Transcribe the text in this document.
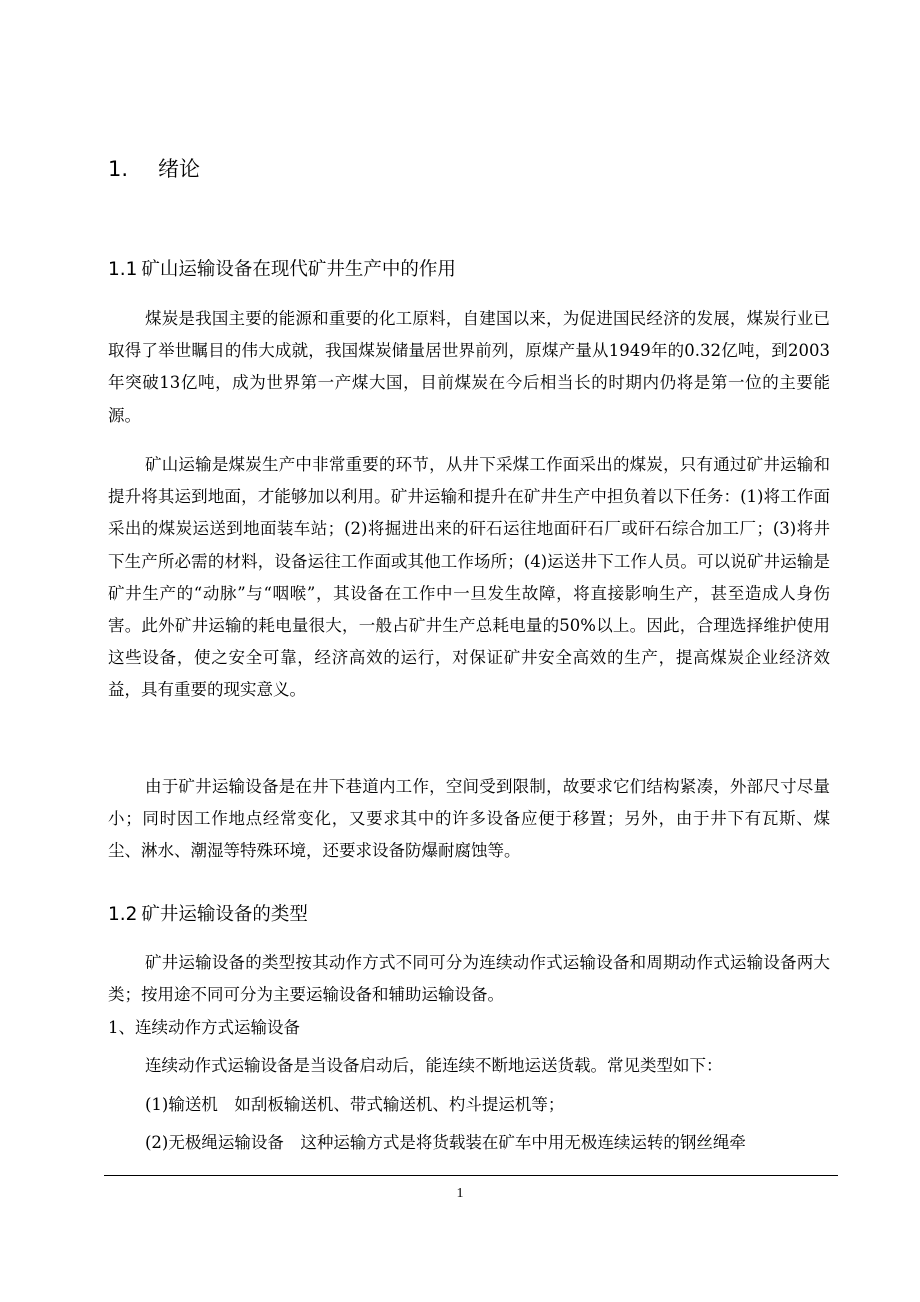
1. 绪论
1.1 矿山运输设备在现代矿井生产中的作用

煤炭是我国主要的能源和重要的化工原料，自建国以来，为促进国民经济的发展，煤炭行业已取得了举世瞩目的伟大成就，我国煤炭储量居世界前列，原煤产量从1949年的0.32亿吨，到2003年突破13亿吨，成为世界第一产煤大国，目前煤炭在今后相当长的时期内仍将是第一位的主要能源。

矿山运输是煤炭生产中非常重要的环节，从井下采煤工作面采出的煤炭，只有通过矿井运输和提升将其运到地面，才能够加以利用。矿井运输和提升在矿井生产中担负着以下任务：(1)将工作面采出的煤炭运送到地面装车站；(2)将掘进出来的矸石运往地面矸石厂或矸石综合加工厂；(3)将井下生产所必需的材料，设备运往工作面或其他工作场所；(4)运送井下工作人员。可以说矿井运输是矿井生产的“动脉”与“咽喉”，其设备在工作中一旦发生故障，将直接影响生产，甚至造成人身伤害。此外矿井运输的耗电量很大，一般占矿井生产总耗电量的50%以上。因此，合理选择维护使用这些设备，使之安全可靠，经济高效的运行，对保证矿井安全高效的生产，提高煤炭企业经济效益，具有重要的现实意义。

由于矿井运输设备是在井下巷道内工作，空间受到限制，故要求它们结构紧凑，外部尺寸尽量小；同时因工作地点经常变化，又要求其中的许多设备应便于移置；另外，由于井下有瓦斯、煤尘、淋水、潮湿等特殊环境，还要求设备防爆耐腐蚀等。

1.2 矿井运输设备的类型

矿井运输设备的类型按其动作方式不同可分为连续动作式运输设备和周期动作式运输设备两大类；按用途不同可分为主要运输设备和辅助运输设备。

1、连续动作方式运输设备
连续动作式运输设备是当设备启动后，能连续不断地运送货载。常见类型如下：
(1)输送机　如刮板输送机、带式输送机、杓斗提运机等；
(2)无极绳运输设备　这种运输方式是将货载装在矿车中用无极连续运转的钢丝绳牵
1
